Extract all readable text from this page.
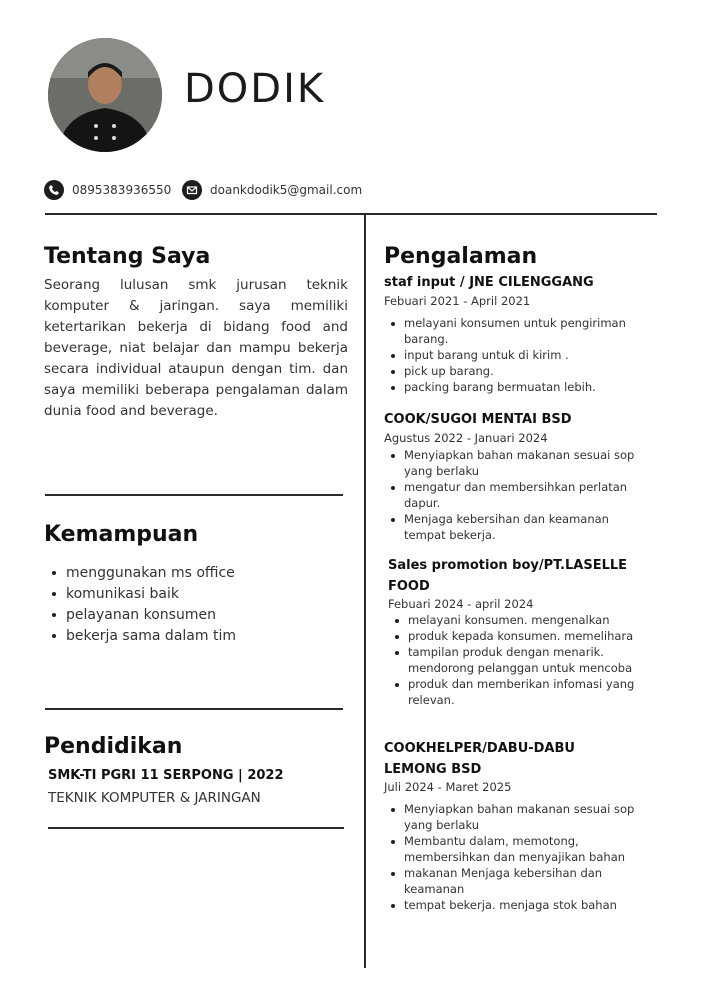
DODIK
0895383936550	doankdodik5@gmail.com
Tentang Saya
Seorang lulusan smk jurusan teknik komputer & jaringan. saya memiliki ketertarikan bekerja di bidang food and beverage, niat belajar dan mampu bekerja secara individual ataupun dengan tim. dan saya memiliki beberapa pengalaman dalam dunia food and beverage.
Kemampuan
menggunakan ms office
komunikasi baik
pelayanan konsumen
bekerja sama dalam tim
Pendidikan
SMK-TI PGRI 11 SERPONG | 2022
TEKNIK KOMPUTER & JARINGAN
Pengalaman
staf input / JNE CILENGGANG
Febuari 2021 - April 2021
melayani konsumen untuk pengiriman barang.
input barang untuk di kirim .
pick up barang.
packing barang bermuatan lebih.
COOK/SUGOI MENTAI BSD
Agustus 2022 - Januari 2024
Menyiapkan bahan makanan sesuai sop yang berlaku
mengatur dan membersihkan perlatan dapur.
Menjaga kebersihan dan keamanan tempat bekerja.
Sales promotion boy/PT.LASELLE FOOD
Febuari 2024 - april 2024
melayani konsumen. mengenalkan
produk kepada konsumen. memelihara
tampilan produk dengan menarik. mendorong pelanggan untuk mencoba
produk dan memberikan infomasi yang relevan.
COOKHELPER/DABU-DABU LEMONG BSD
Juli 2024 - Maret 2025
Menyiapkan bahan makanan sesuai sop yang berlaku
Membantu dalam, memotong, membersihkan dan menyajikan bahan
makanan Menjaga kebersihan dan keamanan
tempat bekerja. menjaga stok bahan
